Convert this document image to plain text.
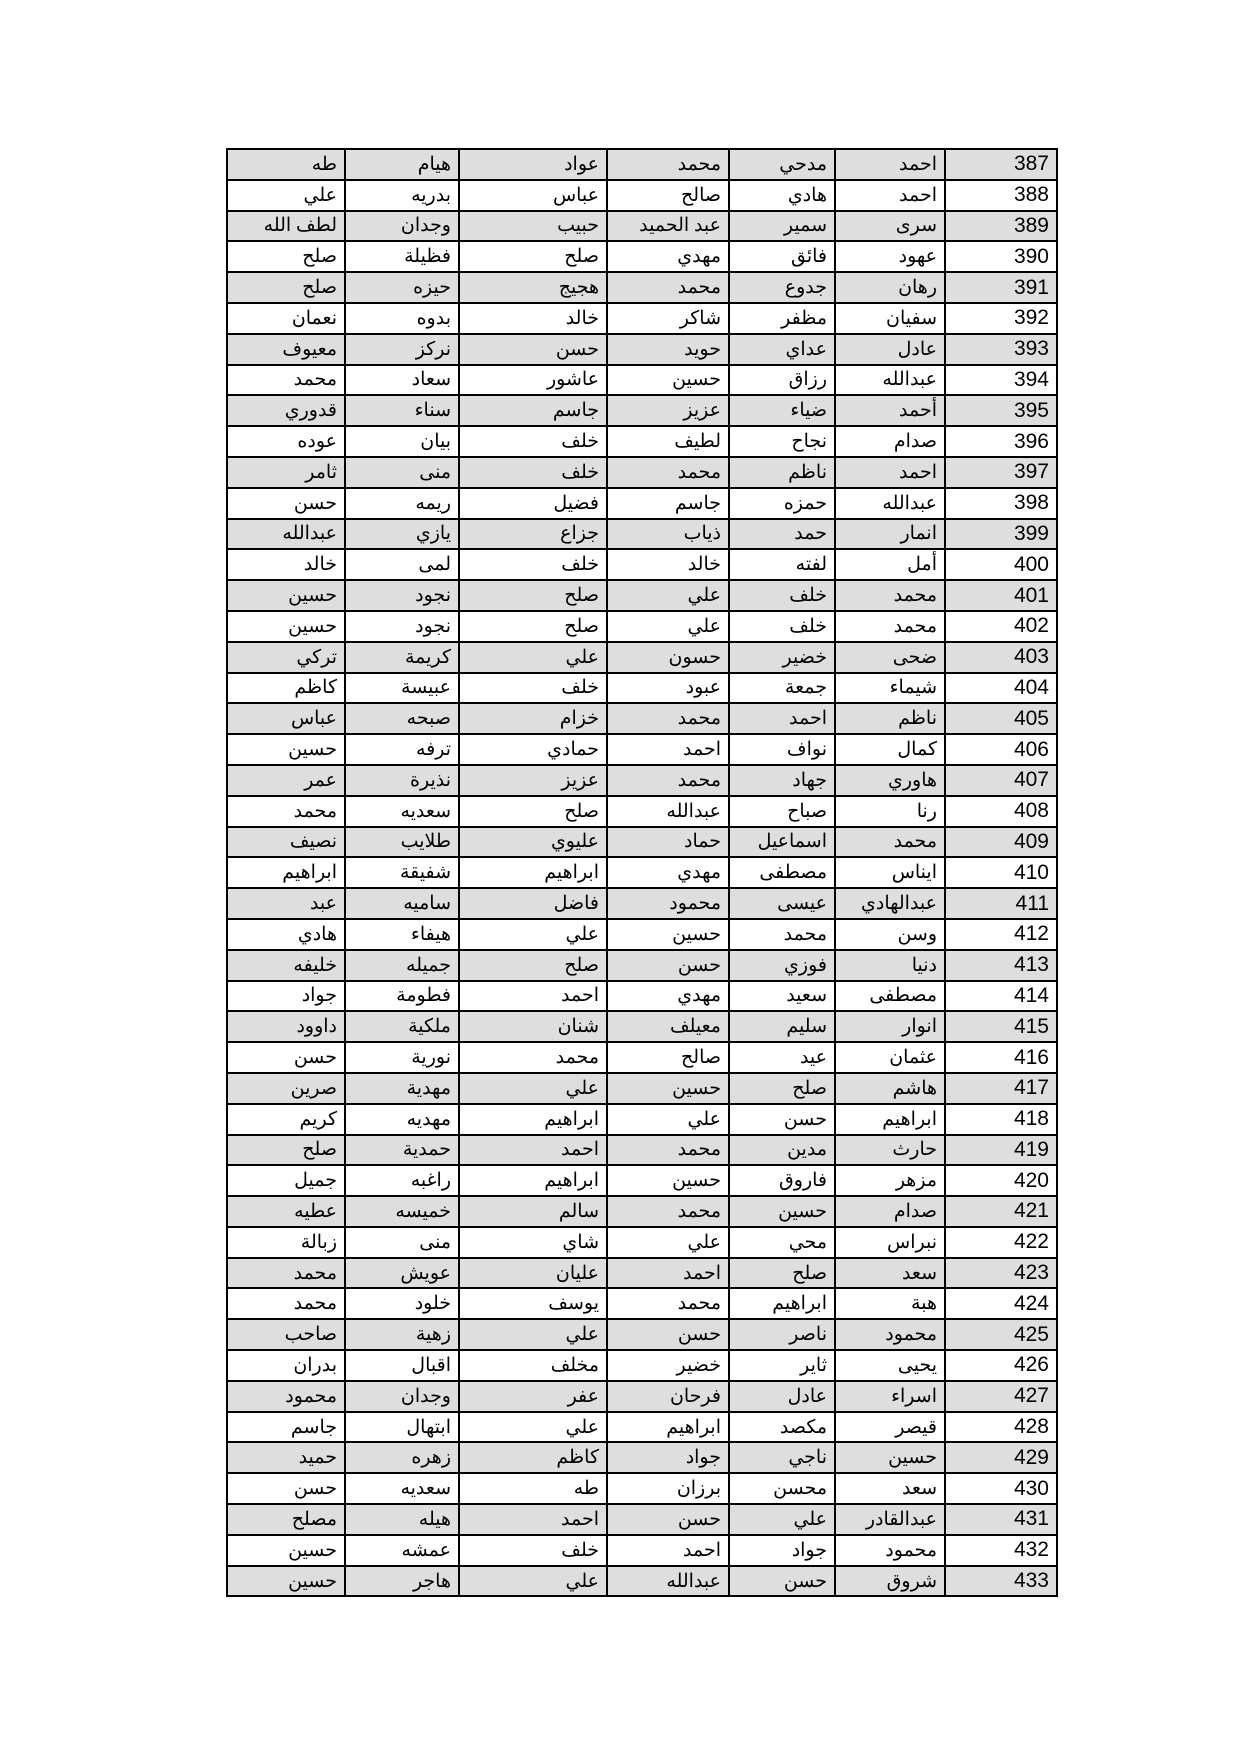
387	احمد	مدحي	محمد	عواد	هيام	طه
388	احمد	هادي	صالح	عباس	بدريه	علي
389	سرى	سمير	عبد الحميد	حبيب	وجدان	لطف الله
390	عهود	فائق	مهدي	صلح	فظيلة	صلح
391	رهان	جدوع	محمد	هجيج	حيزه	صلح
392	سفيان	مظفر	شاكر	خالد	بدوه	نعمان
393	عادل	عداي	حويد	حسن	نركز	معيوف
394	عبدالله	رزاق	حسين	عاشور	سعاد	محمد
395	أحمد	ضياء	عزيز	جاسم	سناء	قدوري
396	صدام	نجاح	لطيف	خلف	بيان	عوده
397	احمد	ناظم	محمد	خلف	منى	ثامر
398	عبدالله	حمزه	جاسم	فضيل	ريمه	حسن
399	انمار	حمد	ذياب	جزاع	يازي	عبدالله
400	أمل	لفته	خالد	خلف	لمى	خالد
401	محمد	خلف	علي	صلح	نجود	حسين
402	محمد	خلف	علي	صلح	نجود	حسين
403	ضحى	خضير	حسون	علي	كريمة	تركي
404	شيماء	جمعة	عبود	خلف	عبيسة	كاظم
405	ناظم	احمد	محمد	خزام	صبحه	عباس
406	كمال	نواف	احمد	حمادي	ترفه	حسين
407	هاوري	جهاد	محمد	عزيز	نذيرة	عمر
408	رنا	صباح	عبدالله	صلح	سعديه	محمد
409	محمد	اسماعيل	حماد	عليوي	طلايب	نصيف
410	ايناس	مصطفى	مهدي	ابراهيم	شفيقة	ابراهيم
411	عبدالهادي	عيسى	محمود	فاضل	ساميه	عبد
412	وسن	محمد	حسين	علي	هيفاء	هادي
413	دنيا	فوزي	حسن	صلح	جميله	خليفه
414	مصطفى	سعيد	مهدي	احمد	فطومة	جواد
415	انوار	سليم	معيلف	شنان	ملكية	داوود
416	عثمان	عيد	صالح	محمد	نورية	حسن
417	هاشم	صلح	حسين	علي	مهدية	صرين
418	ابراهيم	حسن	علي	ابراهيم	مهديه	كريم
419	حارث	مدين	محمد	احمد	حمدية	صلح
420	مزهر	فاروق	حسين	ابراهيم	راغبه	جميل
421	صدام	حسين	محمد	سالم	خميسه	عطيه
422	نبراس	محي	علي	شاي	منى	زبالة
423	سعد	صلح	احمد	عليان	عويش	محمد
424	هبة	ابراهيم	محمد	يوسف	خلود	محمد
425	محمود	ناصر	حسن	علي	زهية	صاحب
426	يحيى	ثاير	خضير	مخلف	اقبال	بدران
427	اسراء	عادل	فرحان	عفر	وجدان	محمود
428	قيصر	مكصد	ابراهيم	علي	ابتهال	جاسم
429	حسين	ناجي	جواد	كاظم	زهره	حميد
430	سعد	محسن	برزان	طه	سعديه	حسن
431	عبدالقادر	علي	حسن	احمد	هيله	مصلح
432	محمود	جواد	احمد	خلف	عمشه	حسين
433	شروق	حسن	عبدالله	علي	هاجر	حسين
